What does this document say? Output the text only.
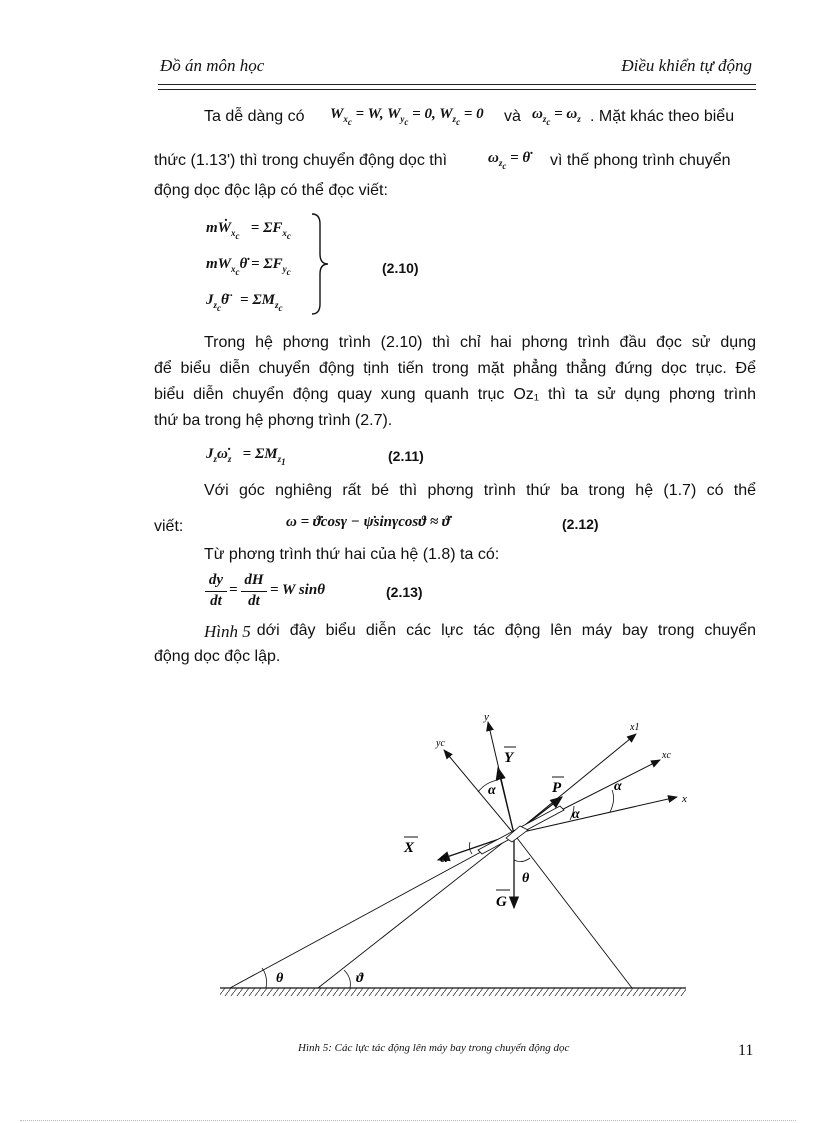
Đồ án môn học	Điều khiển tự động
Ta dễ dàng có $W_{x_c} = W$, $W_{y_c} = 0$, $W_{z_c} = 0$ và $\omega_{z_c} = \omega_z$ . Mặt khác theo biểu
thức (1.13') thì trong chuyển động dọc thì	$\omega_{z_c}$ = θ̇ vì thế phong trình chuyển
động dọc độc lập có thể đọc viết:
mẆ$_{x_c}$   = $\Sigma F_{x_c}$
$mW_{x_c}\thetȧ = \Sigma F_{y_c}$
$J_{z_c}\thetä = \Sigma M_{z_c}$
(2.10)
Trong hệ phơng trình (2.10) thì chỉ hai phơng trình đầu đọc sử dụng
để biểu diễn chuyển động tịnh tiến trong mặt phẳng thẳng đứng dọc trục. Để
biểu diễn chuyển động quay xung quanh trục Oz₁ thì ta sử dụng phơng trình
thứ ba trong hệ phơng trình (2.7).
$J_z\omegȧ_z = \Sigma M_{z_1}$	(2.11)
Với góc nghiêng rất bé thì phơng trình thứ ba trong hệ (1.7) có thể
viết:	ω = ϑ̇cosγ − ψ̇sinγcosϑ ≈ ϑ̇	(2.12)
Từ phơng trình thứ hai của hệ (1.8) ta có:
dy
dt
=
dH
dt
= W sinθ	(2.13)
Hình 5 dới đây biểu diễn các lực tác động lên máy bay trong chuyển
động dọc độc lập.
y
yc
x1
xc
x
Y
P
X
G
α
α
α
α
θ
θ	ϑ
Hình 5: Các lực tác động lên máy bay trong chuyển động dọc	11
